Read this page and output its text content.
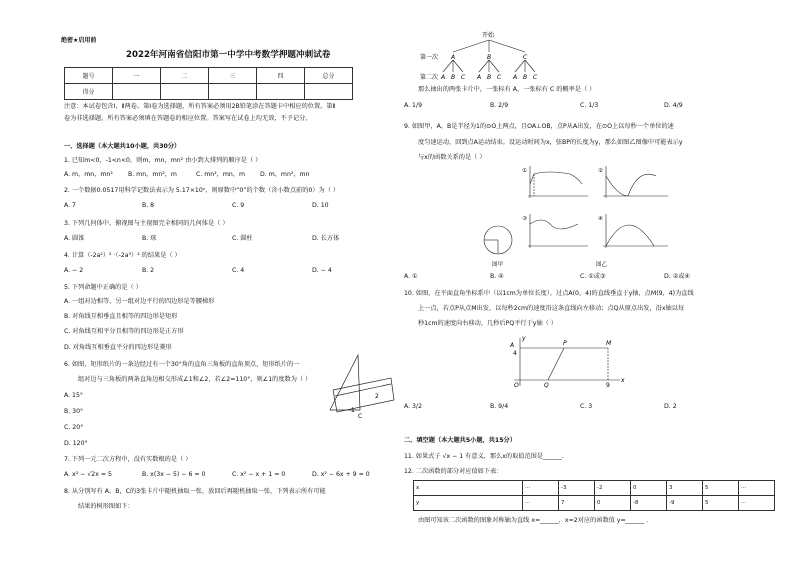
绝密★启用前
2022年河南省信阳市第一中学中考数学押题冲刺试卷
题号	一	二	三	四	总分
得分					
注意：本试卷包含Ⅰ、Ⅱ两卷。第Ⅰ卷为选择题，所有答案必须用2B铅笔涂在答题卡中相应的位置。第Ⅱ
卷为非选择题，所有答案必须填在答题卷的相应位置。答案写在试卷上均无效，不予记分。
一、选择题（本大题共10小题，共30分）
1. 已知m<0，-1<n<0，则m，mn，mn² 由小到大排列的顺序是（ ）
A. m，mn，mn² B. mn，mn²，m	C. mn²，mn，m D. m，mn²，mn
2. 一个数据0.0517用科学记数法表示为 5.17×10ⁿ，则原数中“0”的个数（含小数点前的0）为（ ）
A. 7	B. 8	C. 9	D. 10
3. 下列几何体中，俯视图与主视图完全相同的几何体是（ ）
A. 圆锥	B. 球	C. 圆柱	D. 长方体
4. 计算（-2a²）² ·（-2a³）² 的结果是（ ）
A. − 2	B. 2	C. 4	D. − 4
5. 下列命题中正确的是（ ）
A. 一组对边相等，另一组对边平行的四边形是等腰梯形
B. 对角线互相垂直且相等的四边形是矩形
C. 对角线互相平分且相等的四边形是正方形
D. 对角线互相垂直平分的四边形是菱形
6. 如图，矩形纸片的一条边经过有一个30°角的直角三角板的直角顶点，矩形纸片的一
组对边与三角板的两条直角边相交形成∠1和∠2，若∠2=110°，则∠1的度数为（ ）
A. 15°
B. 30°
C. 20°
D. 120°
2
1
C
7. 下列一元二次方程中，没有实数根的是（ ）
A. x² − √2x = 5	B. x(3x − 5) − 6 = 0	C. x² − x + 1 = 0	D. x² − 6x + 9 = 0
8. 从分别写有 A，B，C的3张卡片中随机抽取一张，放回后再随机抽取一张，下列表示所有可能
结果的树形图如下：
开始
第一次
第二次
A	B	C
A B C A B C A B C
那么抽出的两张卡片中，一张标有 A，一张标有 C 的概率是（ ）
A. 1/9	B. 2/9	C. 1/3	D. 4/9
9. 如图甲，A，B是半径为1的⊙O上两点，且OA⊥OB，点P从A出发，在⊙O上以每秒一个单位的速
度匀速运动，回到点A运动结束。设运动时间为x，弦BP的长度为y，那么如图乙图像中可能表示y
与x的函数关系的是（ ）
①	②
③	④
图甲	图乙
A. ①	B. ④	C. ①或③	D. ②或④
10. 如图，在平面直角坐标系中（以1cm为单位长度），过点A(0，4)的直线垂直于y轴，点M(9，4)为直线
上一点，若点P从点M出发，以每秒2cm的速度沿这条直线向左移动；点Q从原点出发，沿x轴以每
秒1cm的速度向右移动，几秒后PQ平行于y轴（ ）
A
4
P	M
O	Q	9
x
y
A. 3/2	B. 9/4	C. 3	D. 2
二、填空题（本大题共5小题，共15分）
11. 如果式子 √x − 1 有意义，那么x的取值范围是______.
12. 二次函数的部分对应值如下表：
x	···	-3	-2	0	3	5	···
y	···	7	0	-8	-9	5	···
由图可知该二次函数的图象对称轴为直线 x=______，x=2对应的函数值 y=______ .
